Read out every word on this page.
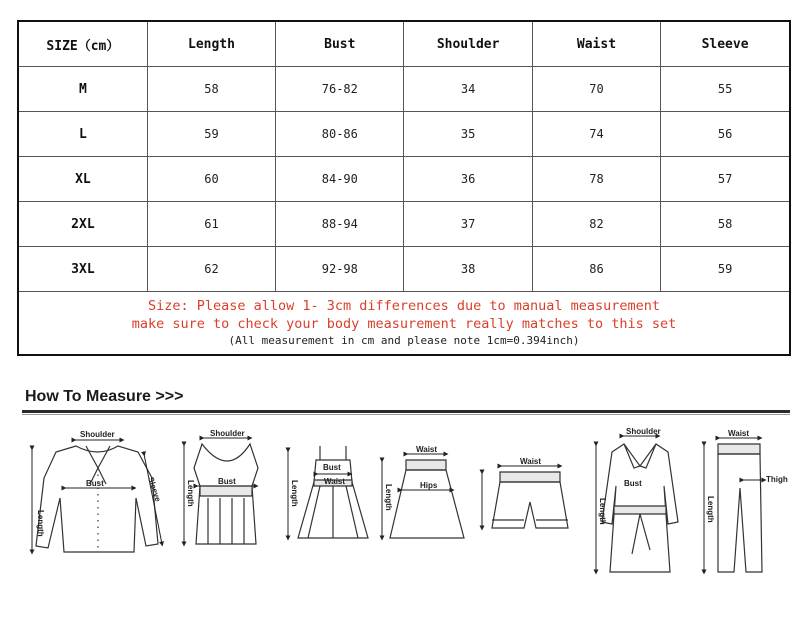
SIZE（cm）	Length	Bust	Shoulder	Waist	Sleeve
M	58	76-82	34	70	55
L	59	80-86	35	74	56
XL	60	84-90	36	78	57
2XL	61	88-94	37	82	58
3XL	62	92-98	38	86	59
Size: Please allow 1- 3cm differences due to manual measurement
make sure to check your body measurement really matches to this set
(All measurement in cm and please note 1cm=0.394inch)
How To Measure >>>
Shoulder
Bust
Length
Sleeve
Shoulder
Bust
Length
Bust
Waist
Length
Waist
Hips
Length
Waist
Shoulder
Bust
Length
Waist
Thigh
Length
